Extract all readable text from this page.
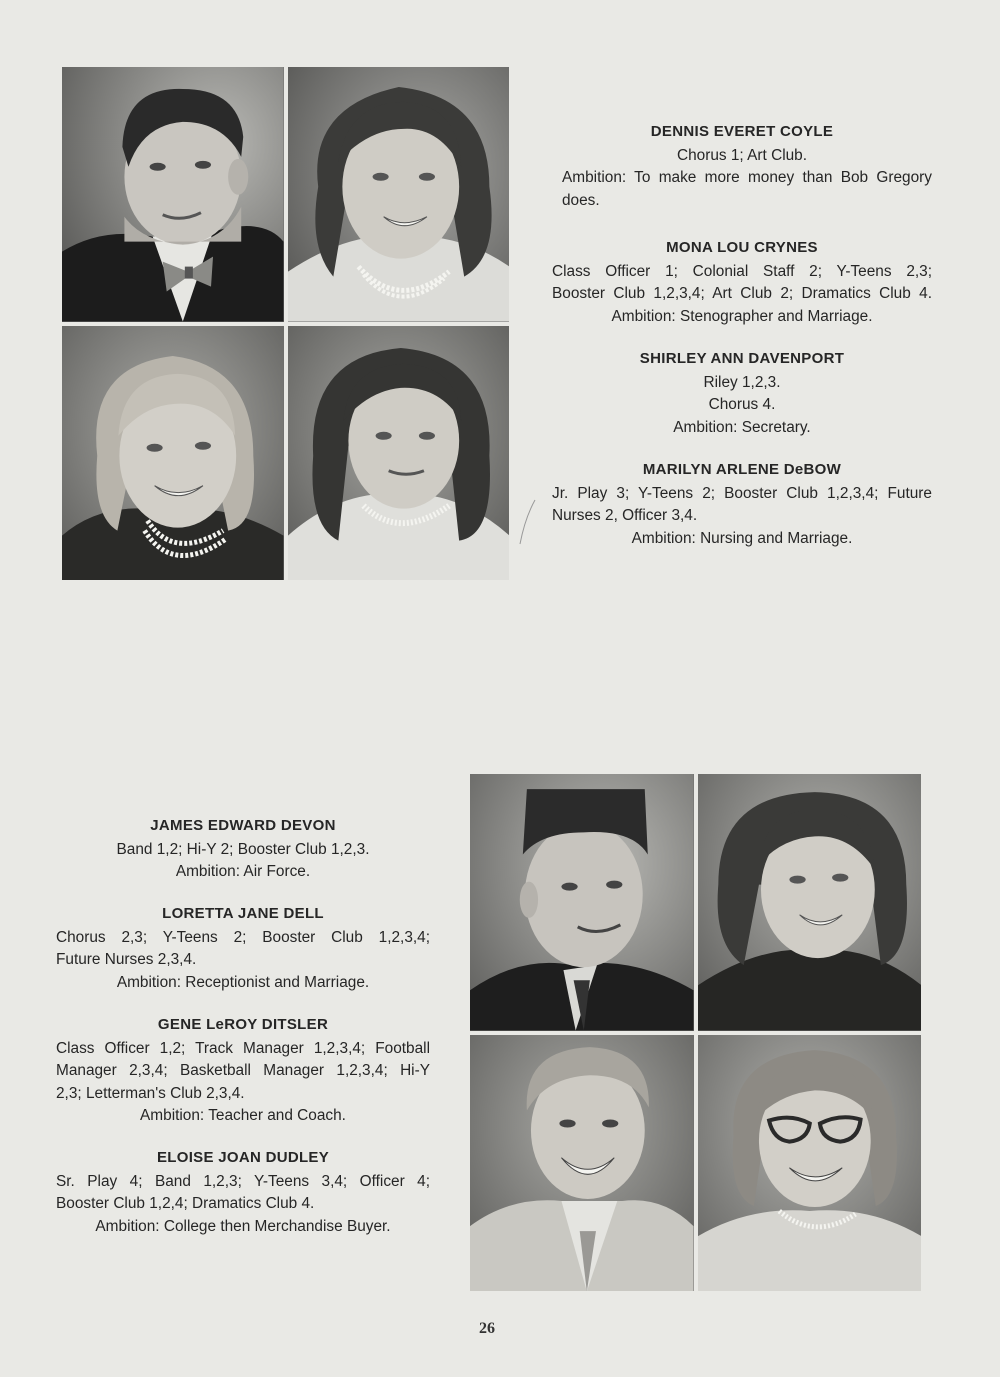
DENNIS EVERET COYLE
Chorus 1; Art Club.
Ambition: To make more money than Bob Gregory
does.
MONA LOU CRYNES
Class Officer 1; Colonial Staff 2; Y-Teens 2,3;
Booster Club 1,2,3,4; Art Club 2; Dramatics Club 4.
Ambition: Stenographer and Marriage.
SHIRLEY ANN DAVENPORT
Riley 1,2,3.
Chorus 4.
Ambition: Secretary.
MARILYN ARLENE DeBOW
Jr. Play 3; Y-Teens 2; Booster Club 1,2,3,4; Future
Nurses 2, Officer 3,4.
Ambition: Nursing and Marriage.
JAMES EDWARD DEVON
Band 1,2; Hi-Y 2; Booster Club 1,2,3.
Ambition: Air Force.
LORETTA JANE DELL
Chorus 2,3; Y-Teens 2; Booster Club 1,2,3,4;
Future Nurses 2,3,4.
Ambition: Receptionist and Marriage.
GENE LeROY DITSLER
Class Officer 1,2; Track Manager 1,2,3,4; Football
Manager 2,3,4; Basketball Manager 1,2,3,4; Hi-Y
2,3; Letterman's Club 2,3,4.
Ambition: Teacher and Coach.
ELOISE JOAN DUDLEY
Sr. Play 4; Band 1,2,3; Y-Teens 3,4; Officer 4;
Booster Club 1,2,4; Dramatics Club 4.
Ambition: College then Merchandise Buyer.
26
